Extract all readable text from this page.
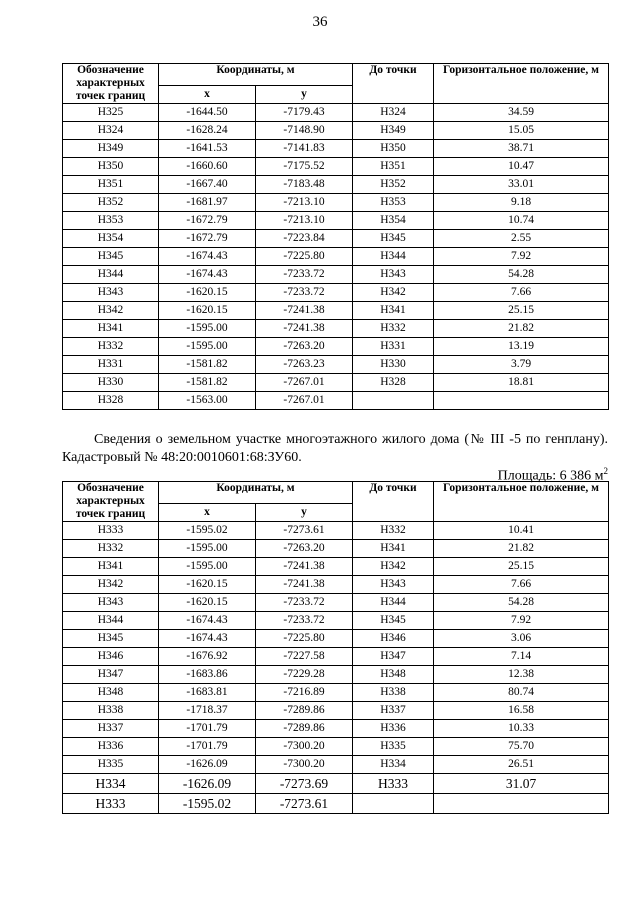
36
Обозначение характерных точек границ	Координаты, м		До точки	Горизонтальное положение, м
	x	y		
Н325	-1644.50	-7179.43	Н324	34.59
Н324	-1628.24	-7148.90	Н349	15.05
Н349	-1641.53	-7141.83	Н350	38.71
Н350	-1660.60	-7175.52	Н351	10.47
Н351	-1667.40	-7183.48	Н352	33.01
Н352	-1681.97	-7213.10	Н353	9.18
Н353	-1672.79	-7213.10	Н354	10.74
Н354	-1672.79	-7223.84	Н345	2.55
Н345	-1674.43	-7225.80	Н344	7.92
Н344	-1674.43	-7233.72	Н343	54.28
Н343	-1620.15	-7233.72	Н342	7.66
Н342	-1620.15	-7241.38	Н341	25.15
Н341	-1595.00	-7241.38	Н332	21.82
Н332	-1595.00	-7263.20	Н331	13.19
Н331	-1581.82	-7263.23	Н330	3.79
Н330	-1581.82	-7267.01	Н328	18.81
Н328	-1563.00	-7267.01		
Сведения о земельном участке многоэтажного жилого дома (№ III -5 по генплану). Кадастровый № 48:20:0010601:68:ЗУ60.
Площадь: 6 386 $м^2$
Обозначение характерных точек границ	Координаты, м		До точки	Горизонтальное положение, м
	x	y		
Н333	-1595.02	-7273.61	Н332	10.41
Н332	-1595.00	-7263.20	Н341	21.82
Н341	-1595.00	-7241.38	Н342	25.15
Н342	-1620.15	-7241.38	Н343	7.66
Н343	-1620.15	-7233.72	Н344	54.28
Н344	-1674.43	-7233.72	Н345	7.92
Н345	-1674.43	-7225.80	Н346	3.06
Н346	-1676.92	-7227.58	Н347	7.14
Н347	-1683.86	-7229.28	Н348	12.38
Н348	-1683.81	-7216.89	Н338	80.74
Н338	-1718.37	-7289.86	Н337	16.58
Н337	-1701.79	-7289.86	Н336	10.33
Н336	-1701.79	-7300.20	Н335	75.70
Н335	-1626.09	-7300.20	Н334	26.51
Н334	-1626.09	-7273.69	Н333	31.07
Н333	-1595.02	-7273.61		
